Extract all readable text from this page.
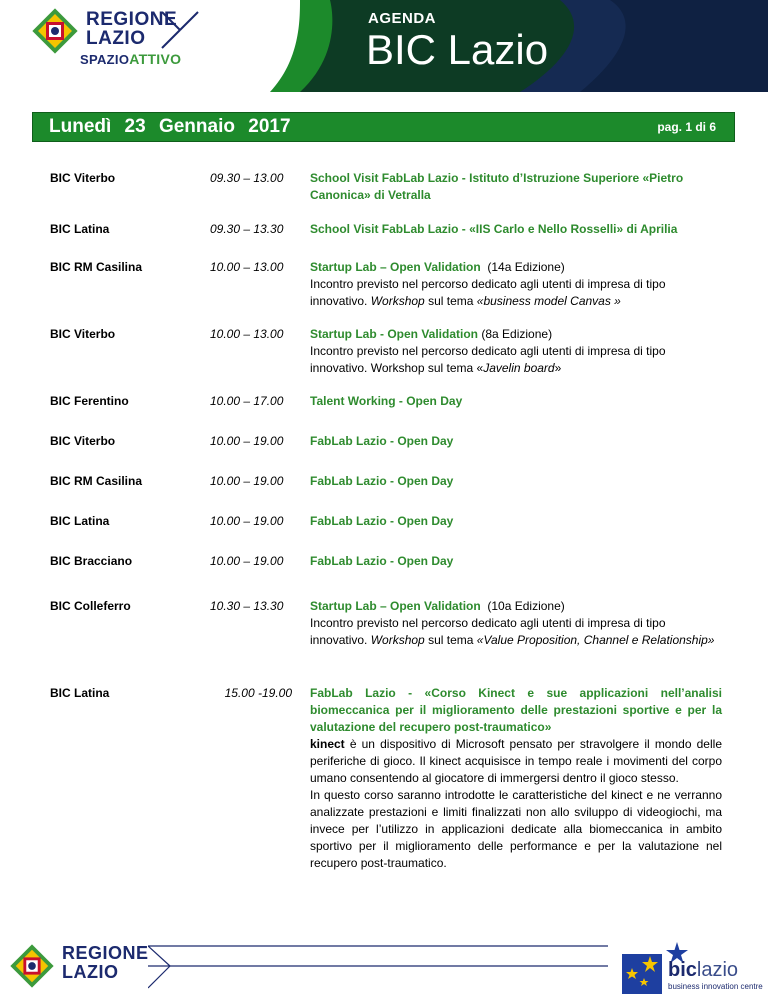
REGIONE
LAZIO
SPAZIOATTIVO
AGENDA
BIC Lazio
Lunedì 23 Gennaio 2017	pag. 1 di 6
BIC Viterbo	09.30 – 13.00	School Visit FabLab Lazio - Istituto d’Istruzione Superiore «Pietro Canonica» di Vetralla
BIC Latina	09.30 – 13.30	School Visit FabLab Lazio - «IIS Carlo e Nello Rosselli» di Aprilia
BIC RM Casilina	10.00 – 13.00	Startup Lab – Open Validation (14a Edizione)
Incontro previsto nel percorso dedicato agli utenti di impresa di tipo
innovativo. Workshop sul tema «business model Canvas »
BIC Viterbo	10.00 – 13.00	Startup Lab - Open Validation (8a Edizione)
Incontro previsto nel percorso dedicato agli utenti di impresa di tipo
innovativo. Workshop sul tema «Javelin board»
BIC Ferentino	10.00 – 17.00	Talent Working - Open Day
BIC Viterbo	10.00 – 19.00	FabLab Lazio - Open Day
BIC RM Casilina	10.00 – 19.00	FabLab Lazio - Open Day
BIC Latina	10.00 – 19.00	FabLab Lazio - Open Day
BIC Bracciano	10.00 – 19.00	FabLab Lazio - Open Day
BIC Colleferro	10.30 – 13.30	Startup Lab – Open Validation (10a Edizione)
Incontro previsto nel percorso dedicato agli utenti di impresa di tipo
innovativo. Workshop sul tema «Value Proposition, Channel e Relationship»
BIC Latina	15.00 -19.00 FabLab Lazio - «Corso Kinect e sue applicazioni nell’analisi biomeccanica per il miglioramento delle prestazioni sportive e per la valutazione del recupero post-traumatico»
kinect è un dispositivo di Microsoft pensato per stravolgere il mondo delle periferiche di gioco. Il kinect acquisisce in tempo reale i movimenti del corpo umano consentendo al giocatore di immergersi dentro il gioco stesso.
In questo corso saranno introdotte le caratteristiche del kinect e ne verranno analizzate prestazioni e limiti finalizzati non allo sviluppo di videogiochi, ma invece per l’utilizzo in applicazioni dedicate alla biomeccanica in ambito sportivo per il miglioramento delle performance e per la valutazione nel recupero post-traumatico.
REGIONE
LAZIO	biclazio
business innovation centre
